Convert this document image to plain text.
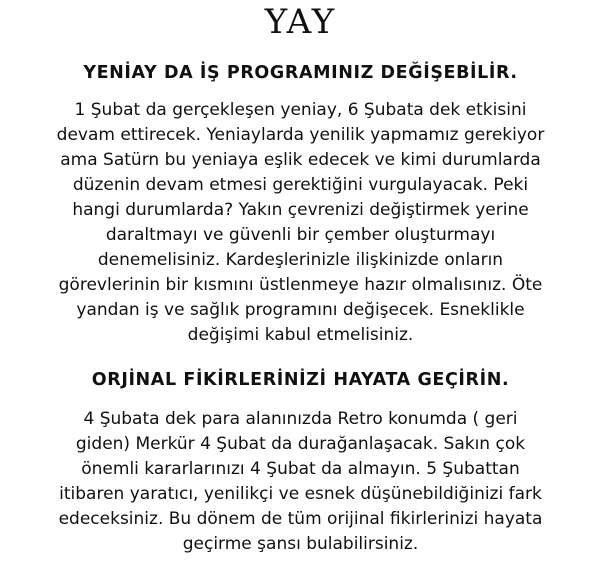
YAY
YENİAY DA İŞ PROGRAMINIZ DEĞİŞEBİLİR.

1 Şubat da gerçekleşen yeniay, 6 Şubata dek etkisini
devam ettirecek. Yeniaylarda yenilik yapmamız gerekiyor
ama Satürn bu yeniaya eşlik edecek ve kimi durumlarda
düzenin devam etmesi gerektiğini vurgulayacak. Peki
hangi durumlarda? Yakın çevrenizi değiştirmek yerine
daraltmayı ve güvenli bir çember oluşturmayı
denemelisiniz. Kardeşlerinizle ilişkinizde onların
görevlerinin bir kısmını üstlenmeye hazır olmalısınız. Öte
yandan iş ve sağlık programını değişecek. Esneklikle
değişimi kabul etmelisiniz.

ORJİNAL FİKİRLERİNİZİ HAYATA GEÇİRİN.

4 Şubata dek para alanınızda Retro konumda ( geri
giden) Merkür 4 Şubat da durağanlaşacak. Sakın çok
önemli kararlarınızı 4 Şubat da almayın. 5 Şubattan
itibaren yaratıcı, yenilikçi ve esnek düşünebildiğinizi fark
edeceksiniz. Bu dönem de tüm orijinal fikirlerinizi hayata
geçirme şansı bulabilirsiniz.
